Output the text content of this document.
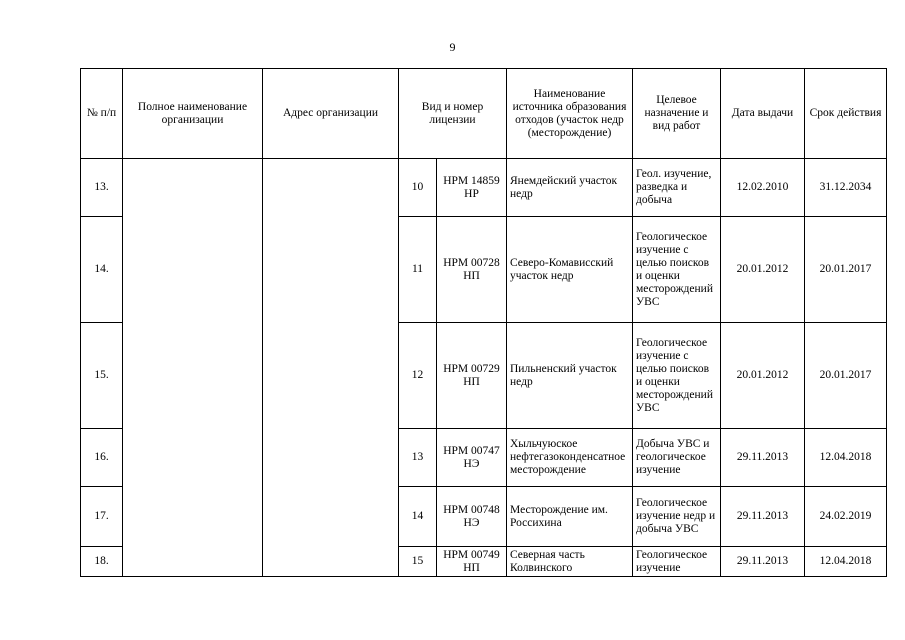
9
№ п/п	Полное наименование организации	Адрес организации	Вид и номер лицензии		Наименование источника образования отходов (участок недр (месторождение)	Целевое назначение и вид работ	Дата выдачи	Срок действия
13.			10	НРМ 14859 НР	Янемдейский участок недр	Геол. изучение, разведка и добыча	12.02.2010	31.12.2034
14.			11	НРМ 00728 НП	Северо-Комависский участок недр	Геологическое изучение с целью поисков и оценки месторождений УВС	20.01.2012	20.01.2017
15.			12	НРМ 00729 НП	Пильненский участок недр	Геологическое изучение с целью поисков и оценки месторождений УВС	20.01.2012	20.01.2017
16.			13	НРМ 00747 НЭ	Хыльчуюское нефтегазоконденсатное месторождение	Добыча УВС и геологическое изучение	29.11.2013	12.04.2018
17.			14	НРМ 00748 НЭ	Месторождение им. Россихина	Геологическое изучение недр и добыча УВС	29.11.2013	24.02.2019
18.			15	НРМ 00749 НП	Северная часть Колвинского	Геологическое изучение	29.11.2013	12.04.2018
